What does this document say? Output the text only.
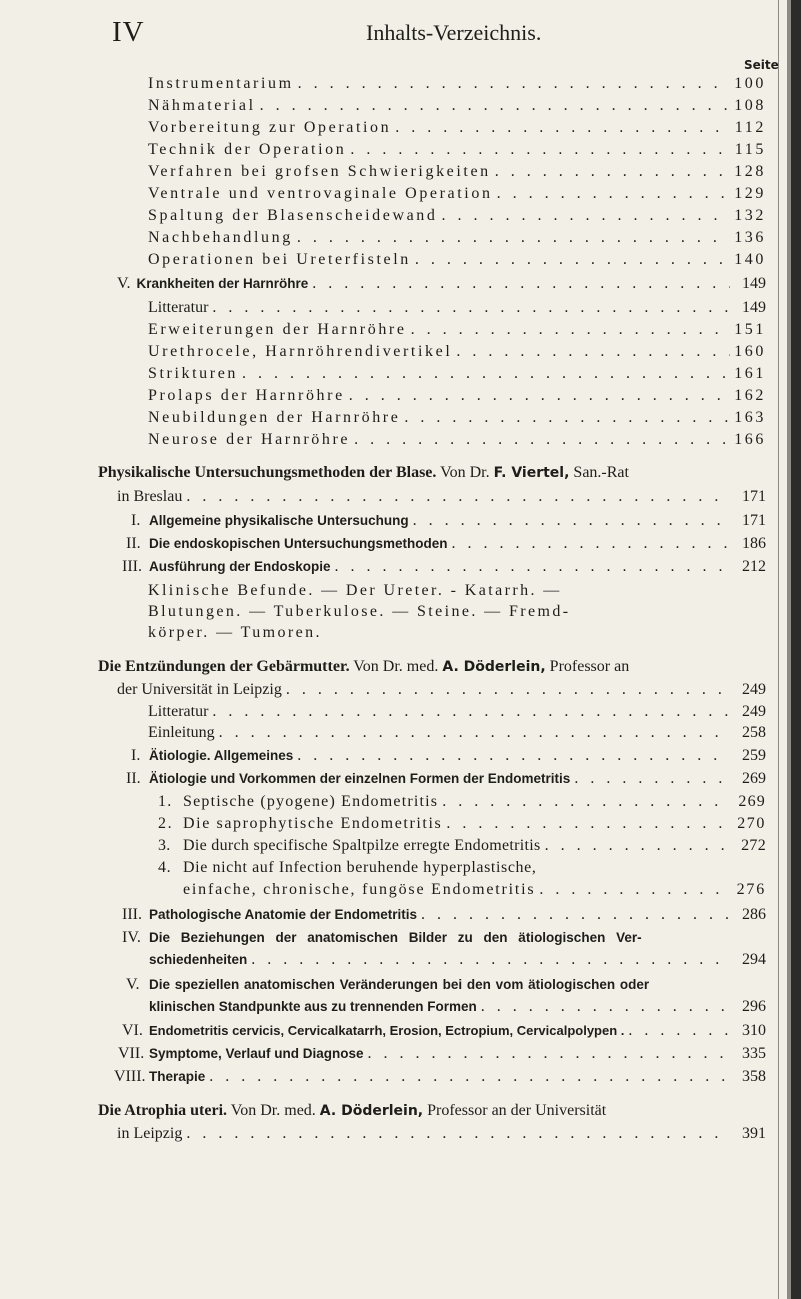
IV	Inhalts-Verzeichnis.
Seite
Instrumentarium . . .	100
Nähmaterial . . .	108
Vorbereitung zur Operation . . .	112
Technik der Operation . . .	115
Verfahren bei grofsen Schwierigkeiten . . .	128
Ventrale und ventrovaginale Operation . . .	129
Spaltung der Blasenscheidewand . . .	132
Nachbehandlung . . .	136
Operationen bei Ureterfisteln . . .	140
V. Krankheiten der Harnröhre . . .	149
Litteratur . . .	149
Erweiterungen der Harnröhre . . .	151
Urethrocele, Harnröhrendivertikel . . .	160
Strikturen . . .	161
Prolaps der Harnröhre . . .	162
Neubildungen der Harnröhre . . .	163
Neurose der Harnröhre . . .	166
Physikalische Untersuchungsmethoden der Blase. Von Dr. F. Viertel, San.-Rat
in Breslau . . .	171
I. Allgemeine physikalische Untersuchung . . .	171
II. Die endoskopischen Untersuchungsmethoden . . .	186
III. Ausführung der Endoskopie . . .	212
Klinische Befunde. — Der Ureter. - Katarrh. —
Blutungen. — Tuberkulose. — Steine. — Fremd-
körper. — Tumoren.
Die Entzündungen der Gebärmutter. Von Dr. med. A. Döderlein, Professor an
der Universität in Leipzig . . .	249
Litteratur . . .	249
Einleitung . . .	258
I. Ätiologie. Allgemeines . . .	259
II. Ätiologie und Vorkommen der einzelnen Formen der Endometritis . . .	269
1. Septische (pyogene) Endometritis . . .	269
2. Die saprophytische Endometritis . . .	270
3. Die durch specifische Spaltpilze erregte Endometritis . . .	272
4. Die nicht auf Infection beruhende hyperplastische,
einfache, chronische, fungöse Endometritis . . .	276
III. Pathologische Anatomie der Endometritis . . .	286
IV. Die Beziehungen der anatomischen Bilder zu den ätiologischen Ver-
schiedenheiten . . .	294
V. Die speziellen anatomischen Veränderungen bei den vom ätiologischen oder
klinischen Standpunkte aus zu trennenden Formen . . .	296
VI. Endometritis cervicis, Cervicalkatarrh, Erosion, Ectropium, Cervicalpolypen . . . .	310
VII. Symptome, Verlauf und Diagnose . . .	335
VIII. Therapie . . .	358
Die Atrophia uteri. Von Dr. med. A. Döderlein, Professor an der Universität
in Leipzig . . .	391
